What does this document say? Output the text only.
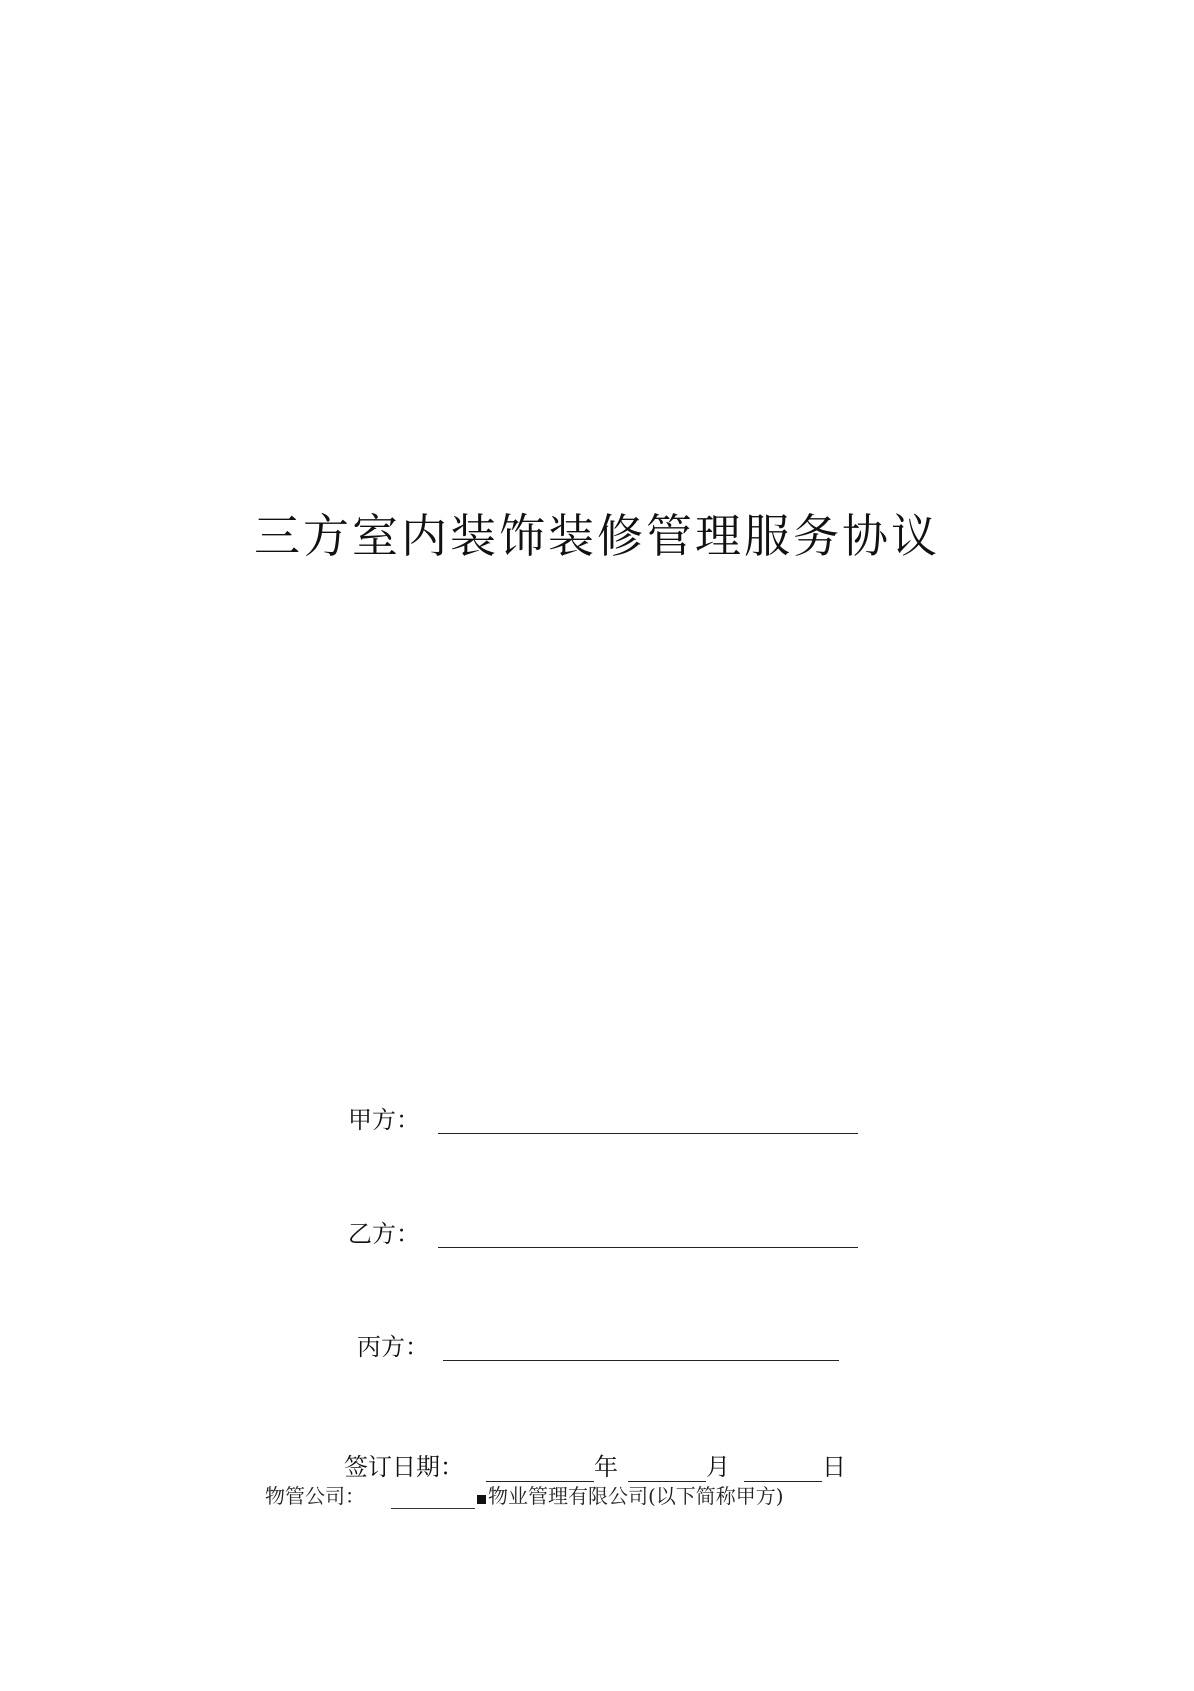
三方室内装饰装修管理服务协议
甲方：
乙方：
丙方：
签订日期：	年	月	日
物管公司：	物业管理有限公司(以下简称甲方)
